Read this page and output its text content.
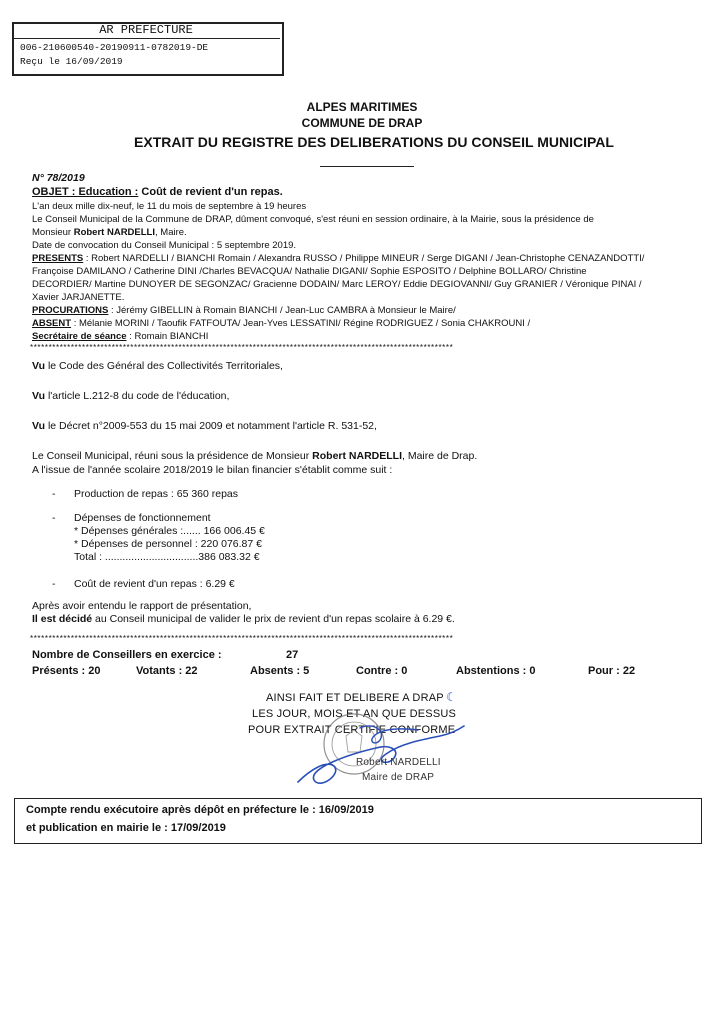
AR PREFECTURE
006-210600540-20190911-0782019-DE
Reçu le 16/09/2019
ALPES MARITIMES
COMMUNE DE DRAP
EXTRAIT DU REGISTRE DES DELIBERATIONS DU CONSEIL MUNICIPAL
N° 78/2019
OBJET : Education : Coût de revient d'un repas.
L'an deux mille dix-neuf, le 11 du mois de septembre à 19 heures
Le Conseil Municipal de la Commune de DRAP, dûment convoqué, s'est réuni en session ordinaire, à la Mairie, sous la présidence de
Monsieur Robert NARDELLI, Maire.
Date de convocation du Conseil Municipal : 5 septembre 2019.
PRESENTS : Robert NARDELLI / BIANCHI Romain / Alexandra RUSSO / Philippe MINEUR / Serge DIGANI / Jean-Christophe CENAZANDOTTI/
Françoise DAMILANO / Catherine DINI /Charles BEVACQUA/ Nathalie DIGANI/ Sophie ESPOSITO / Delphine BOLLARO/ Christine
DECORDIER/ Martine DUNOYER DE SEGONZAC/ Gracienne DODAIN/ Marc LEROY/ Eddie DEGIOVANNI/ Guy GRANIER / Véronique PINAI /
Xavier JARJANETTE.
PROCURATIONS : Jérémy GIBELLIN à Romain BIANCHI / Jean-Luc CAMBRA à Monsieur le Maire/
ABSENT : Mélanie MORINI / Taoufik FATFOUTA/ Jean-Yves LESSATINI/ Régine RODRIGUEZ / Sonia CHAKROUNI /
Secrétaire de séance : Romain BIANCHI
******************************************************************************************************************
Vu le Code des Général des Collectivités Territoriales,
Vu l'article L.212-8 du code de l'éducation,
Vu le Décret n°2009-553 du 15 mai 2009 et notamment l'article R. 531-52,
Le Conseil Municipal, réuni sous la présidence de Monsieur Robert NARDELLI, Maire de Drap.
A l'issue de l'année scolaire 2018/2019 le bilan financier s'établit comme suit :
- Production de repas : 65 360 repas
- Dépenses de fonctionnement
* Dépenses générales :...... 166 006.45 €
* Dépenses de personnel : 220 076.87 €
Total : ................................386 083.32 €
- Coût de revient d'un repas : 6.29 €
Après avoir entendu le rapport de présentation,
Il est décidé au Conseil municipal de valider le prix de revient d'un repas scolaire à 6.29 €.
******************************************************************************************************************
Nombre de Conseillers en exercice :	27
Présents : 20	Votants : 22	Absents : 5	Contre : 0	Abstentions : 0	Pour : 22
AINSI FAIT ET DELIBERE A DRAP ☾
LES JOUR, MOIS ET AN QUE DESSUS
POUR EXTRAIT CERTIFIE CONFORME
Robert NARDELLI
Maire de DRAP
Compte rendu exécutoire après dépôt en préfecture le : 16/09/2019
et publication en mairie le : 17/09/2019
